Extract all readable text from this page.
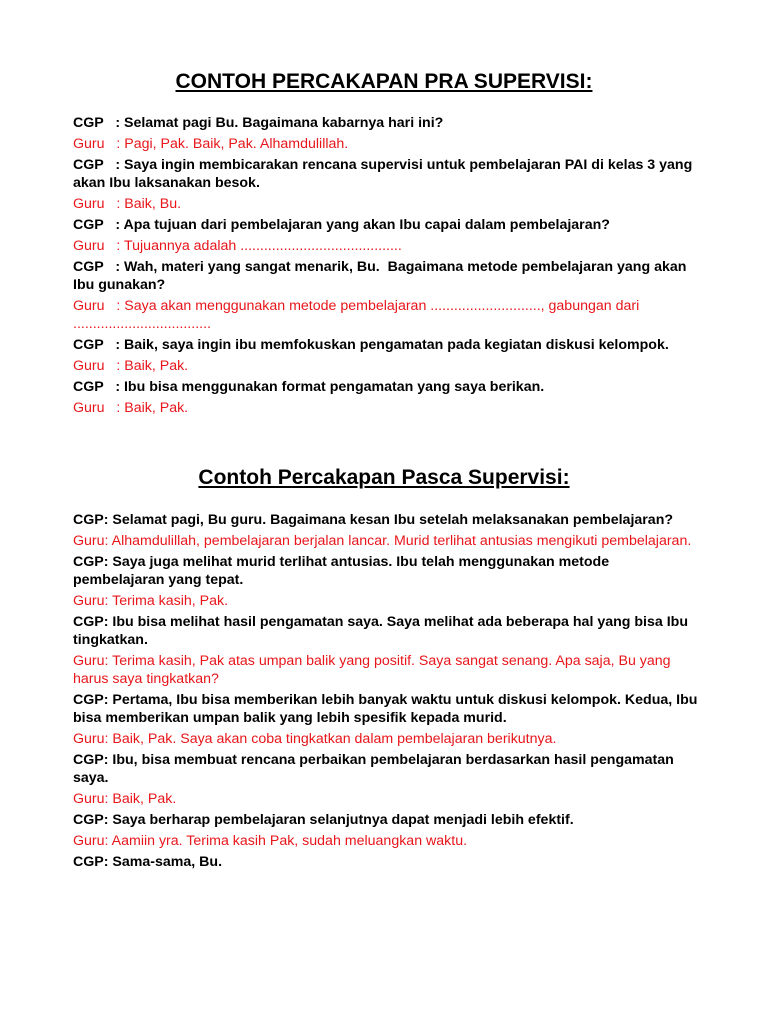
CONTOH PERCAKAPAN PRA SUPERVISI:

CGP   : Selamat pagi Bu. Bagaimana kabarnya hari ini?

Guru   : Pagi, Pak. Baik, Pak. Alhamdulillah.

CGP   : Saya ingin membicarakan rencana supervisi untuk pembelajaran PAI di kelas 3 yang akan Ibu laksanakan besok.

Guru   : Baik, Bu.

CGP   : Apa tujuan dari pembelajaran yang akan Ibu capai dalam pembelajaran?

Guru   : Tujuannya adalah .........................................

CGP   : Wah, materi yang sangat menarik, Bu.  Bagaimana metode pembelajaran yang akan Ibu gunakan?

Guru   : Saya akan menggunakan metode pembelajaran ............................, gabungan dari ...................................

CGP   : Baik, saya ingin ibu memfokuskan pengamatan pada kegiatan diskusi kelompok.

Guru   : Baik, Pak.

CGP   : Ibu bisa menggunakan format pengamatan yang saya berikan.

Guru   : Baik, Pak.

Contoh Percakapan Pasca Supervisi:

CGP: Selamat pagi, Bu guru. Bagaimana kesan Ibu setelah melaksanakan pembelajaran?

Guru: Alhamdulillah, pembelajaran berjalan lancar. Murid terlihat antusias mengikuti pembelajaran.

CGP: Saya juga melihat murid terlihat antusias. Ibu telah menggunakan metode pembelajaran yang tepat.

Guru: Terima kasih, Pak.

CGP: Ibu bisa melihat hasil pengamatan saya. Saya melihat ada beberapa hal yang bisa Ibu tingkatkan.

Guru: Terima kasih, Pak atas umpan balik yang positif. Saya sangat senang. Apa saja, Bu yang harus saya tingkatkan?

CGP: Pertama, Ibu bisa memberikan lebih banyak waktu untuk diskusi kelompok. Kedua, Ibu bisa memberikan umpan balik yang lebih spesifik kepada murid.

Guru: Baik, Pak. Saya akan coba tingkatkan dalam pembelajaran berikutnya.

CGP: Ibu, bisa membuat rencana perbaikan pembelajaran berdasarkan hasil pengamatan saya.

Guru: Baik, Pak.

CGP: Saya berharap pembelajaran selanjutnya dapat menjadi lebih efektif.

Guru: Aamiin yra. Terima kasih Pak, sudah meluangkan waktu.

CGP: Sama-sama, Bu.
